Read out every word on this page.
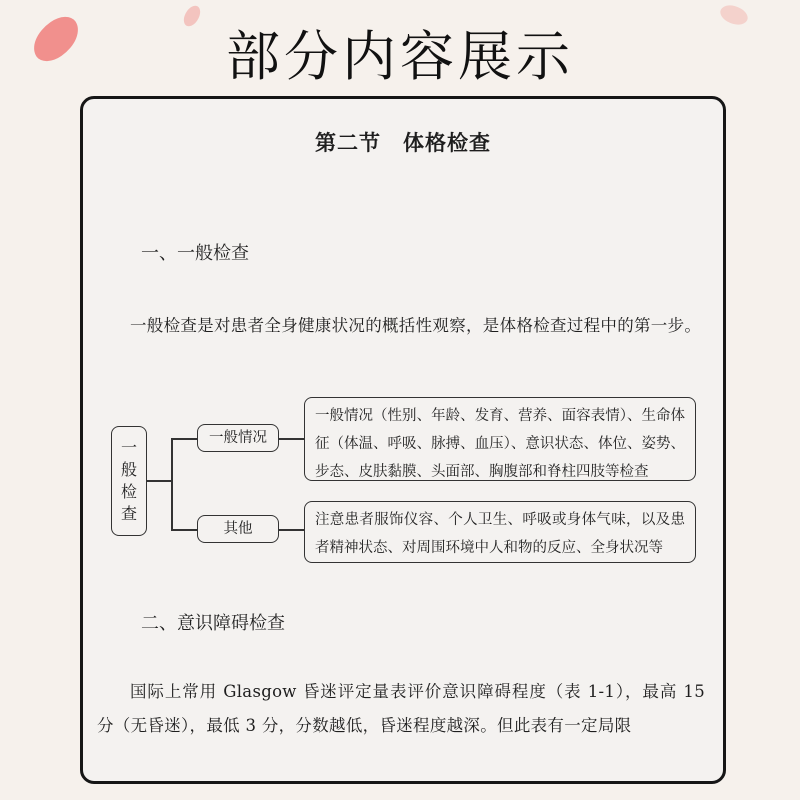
部分内容展示
第二节　体格检查
一、一般检查
一般检查是对患者全身健康状况的概括性观察，是体格检查过程中的第一步。
一
般
检
查
一般情况
其他
一般情况（性别、年龄、发育、营养、面容表情）、生命体征（体温、呼吸、脉搏、血压）、意识状态、体位、姿势、步态、皮肤黏膜、头面部、胸腹部和脊柱四肢等检查
注意患者服饰仪容、个人卫生、呼吸或身体气味，以及患者精神状态、对周围环境中人和物的反应、全身状况等
二、意识障碍检查
国际上常用 Glasgow 昏迷评定量表评价意识障碍程度（表 1-1），最高 15 分（无昏迷），最低 3 分，分数越低，昏迷程度越深。但此表有一定局限
